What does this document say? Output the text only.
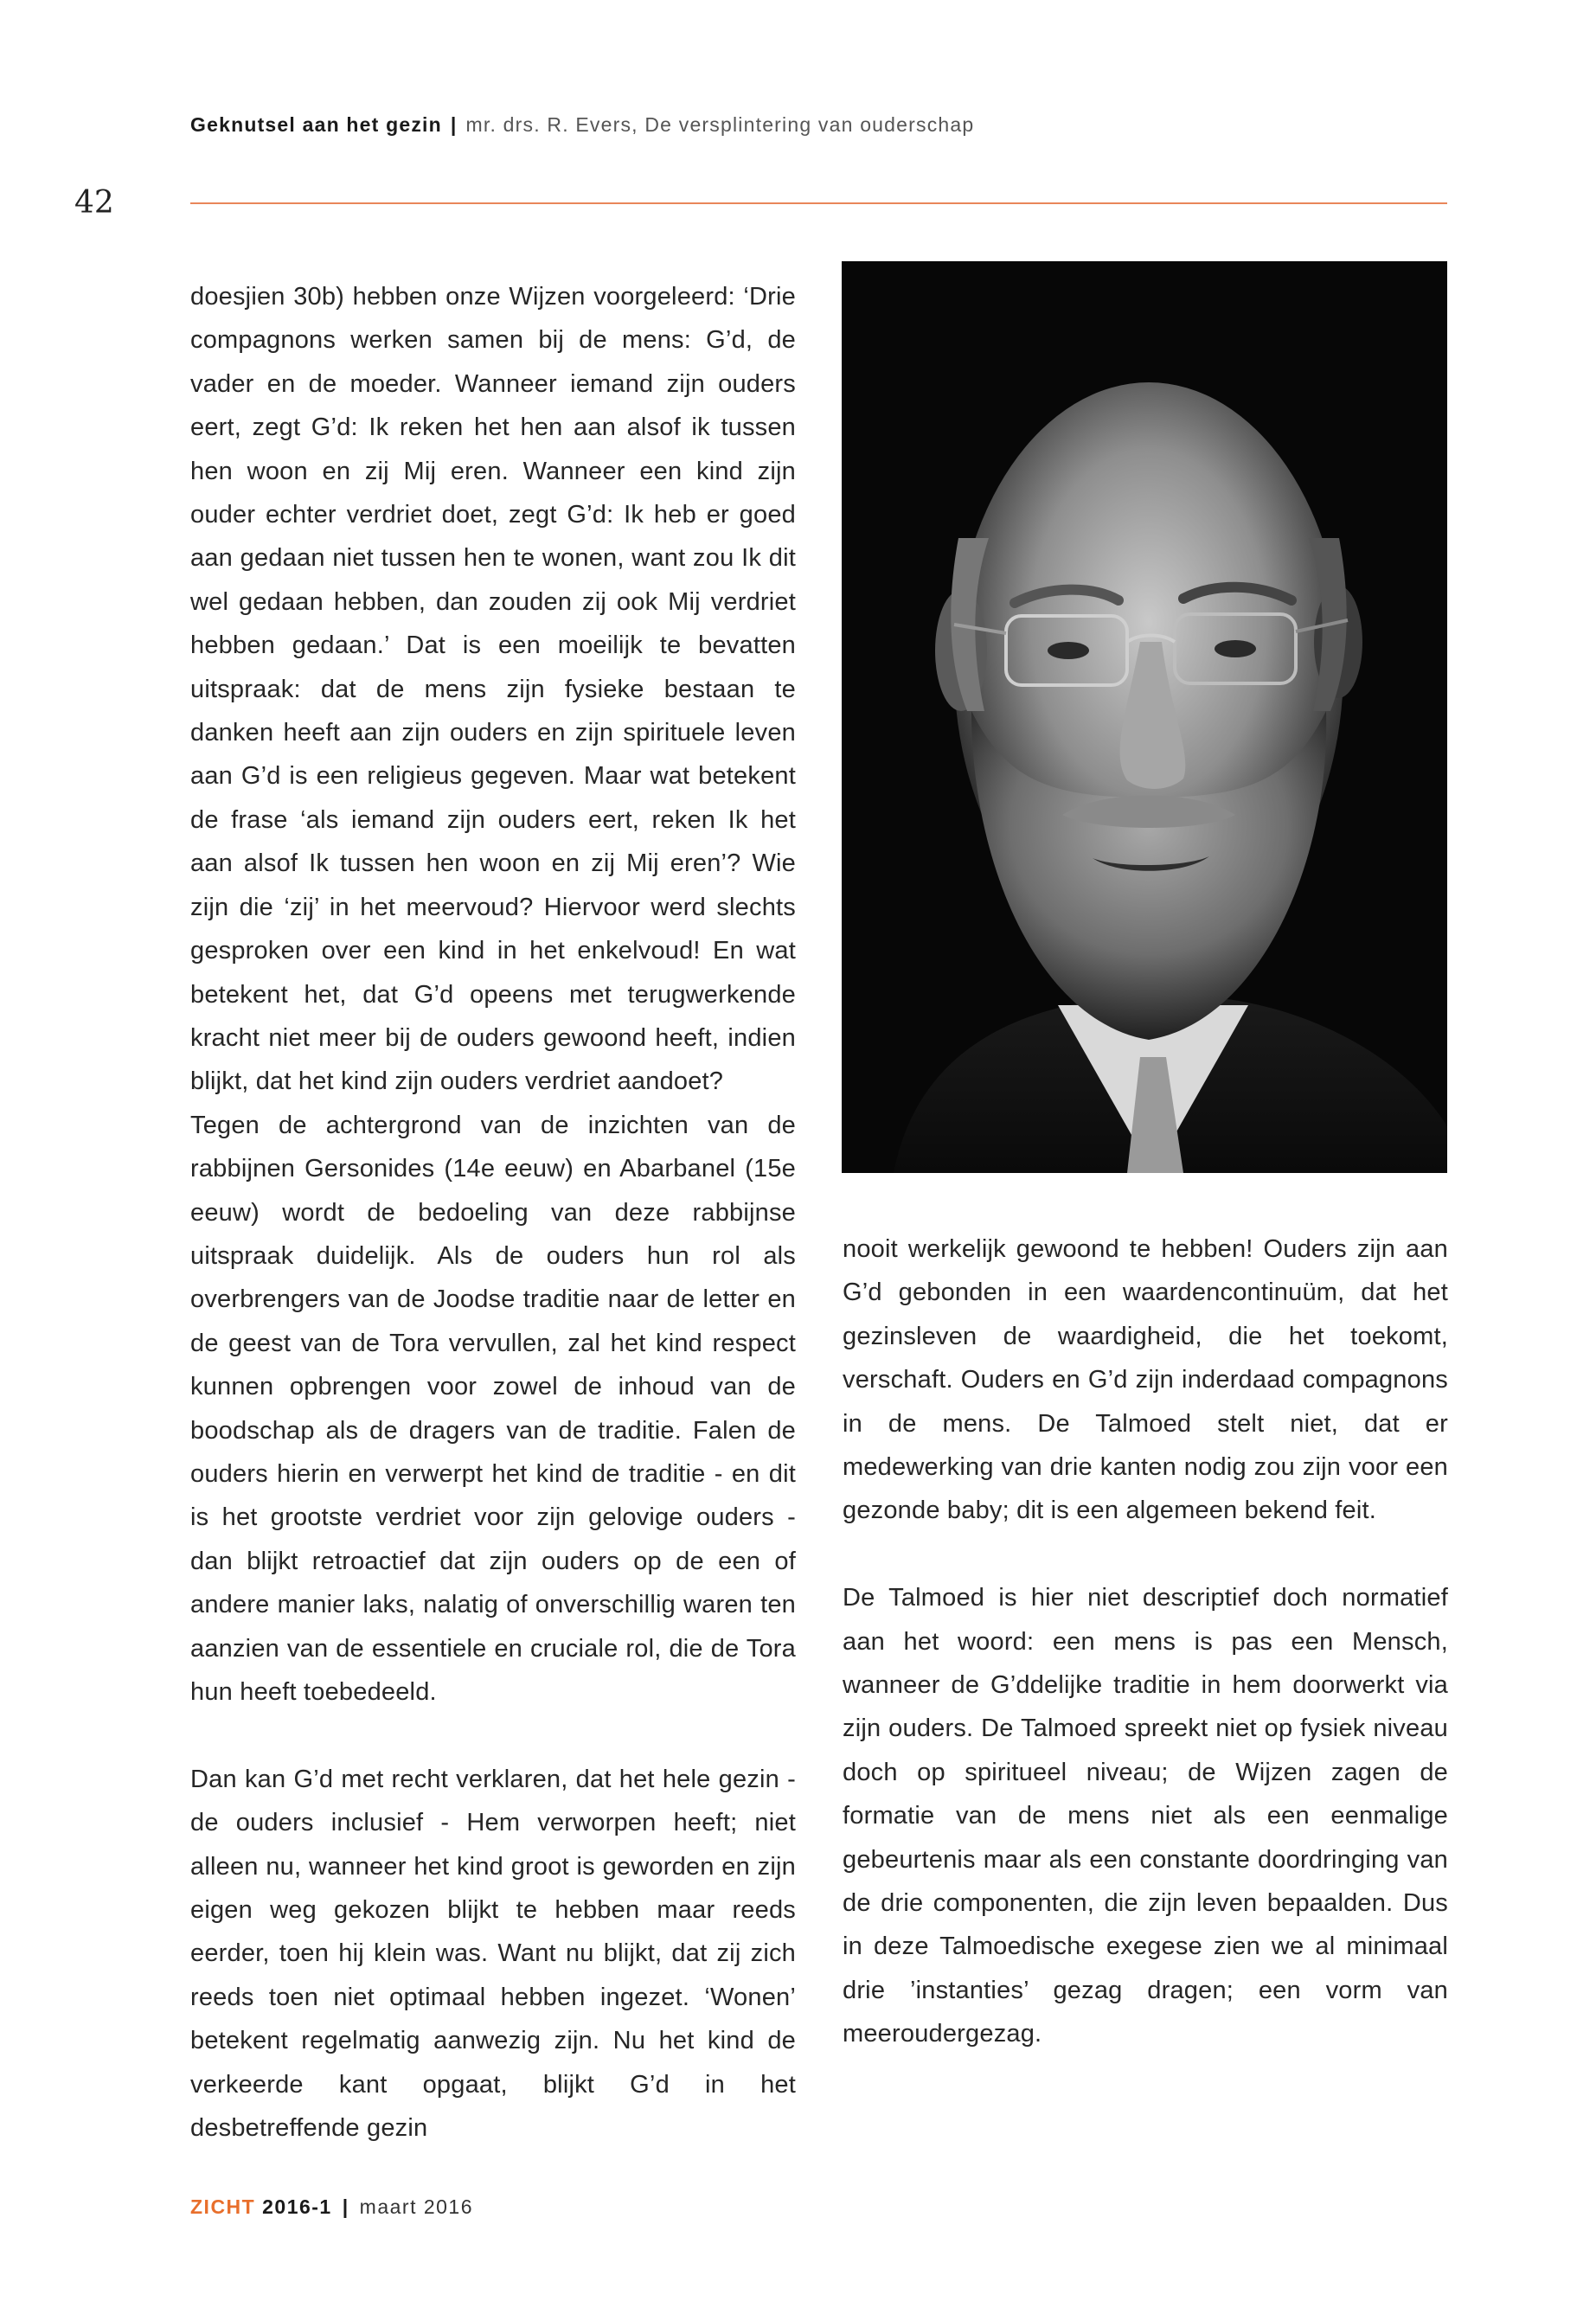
Geknutsel aan het gezin | mr. drs. R. Evers, De versplintering van ouderschap
42

doesjien 30b) hebben onze Wijzen voorgeleerd: ‘Drie compagnons werken samen bij de mens: G’d, de vader en de moeder. Wanneer iemand zijn ouders eert, zegt G’d: Ik reken het hen aan alsof ik tussen hen woon en zij Mij eren. Wanneer een kind zijn ouder echter verdriet doet, zegt G’d: Ik heb er goed aan gedaan niet tussen hen te wonen, want zou Ik dit wel gedaan hebben, dan zouden zij ook Mij verdriet hebben gedaan.’ Dat is een moeilijk te bevatten uitspraak: dat de mens zijn fysieke bestaan te danken heeft aan zijn ouders en zijn spirituele leven aan G’d is een religieus gegeven. Maar wat betekent de frase ‘als iemand zijn ouders eert, reken Ik het aan alsof Ik tussen hen woon en zij Mij eren’? Wie zijn die ‘zij’ in het meervoud? Hiervoor werd slechts gesproken over een kind in het enkelvoud! En wat betekent het, dat G’d opeens met terugwerkende kracht niet meer bij de ouders gewoond heeft, indien blijkt, dat het kind zijn ouders verdriet aandoet?

Tegen de achtergrond van de inzichten van de rabbijnen Gersonides (14e eeuw) en Abarbanel (15e eeuw) wordt de bedoeling van deze rabbijnse uitspraak duidelijk. Als de ouders hun rol als overbrengers van de Joodse traditie naar de letter en de geest van de Tora vervullen, zal het kind respect kunnen opbrengen voor zowel de inhoud van de boodschap als de dragers van de traditie. Falen de ouders hierin en verwerpt het kind de traditie - en dit is het grootste verdriet voor zijn gelovige ouders - dan blijkt retroactief dat zijn ouders op de een of andere manier laks, nalatig of onverschillig waren ten aanzien van de essentiele en cruciale rol, die de Tora hun heeft toebedeeld.

Dan kan G’d met recht verklaren, dat het hele gezin - de ouders inclusief - Hem verworpen heeft; niet alleen nu, wanneer het kind groot is geworden en zijn eigen weg gekozen blijkt te hebben maar reeds eerder, toen hij klein was. Want nu blijkt, dat zij zich reeds toen niet optimaal hebben ingezet. ‘Wonen’ betekent regelmatig aanwezig zijn. Nu het kind de verkeerde kant opgaat, blijkt G’d in het desbetreffende gezin

nooit werkelijk gewoond te hebben! Ouders zijn aan G’d gebonden in een waardencontinuüm, dat het gezinsleven de waardigheid, die het toekomt, verschaft. Ouders en G’d zijn inderdaad compagnons in de mens. De Talmoed stelt niet, dat er medewerking van drie kanten nodig zou zijn voor een gezonde baby; dit is een algemeen bekend feit.

De Talmoed is hier niet descriptief doch normatief aan het woord: een mens is pas een Mensch, wanneer de G’ddelijke traditie in hem doorwerkt via zijn ouders. De Talmoed spreekt niet op fysiek niveau doch op spiritueel niveau; de Wijzen zagen de formatie van de mens niet als een eenmalige gebeurtenis maar als een constante doordringing van de drie componenten, die zijn leven bepaalden. Dus in deze Talmoedische exegese zien we al minimaal drie ’instanties’ gezag dragen; een vorm van meeroudergezag.

ZICHT 2016-1 | maart 2016
